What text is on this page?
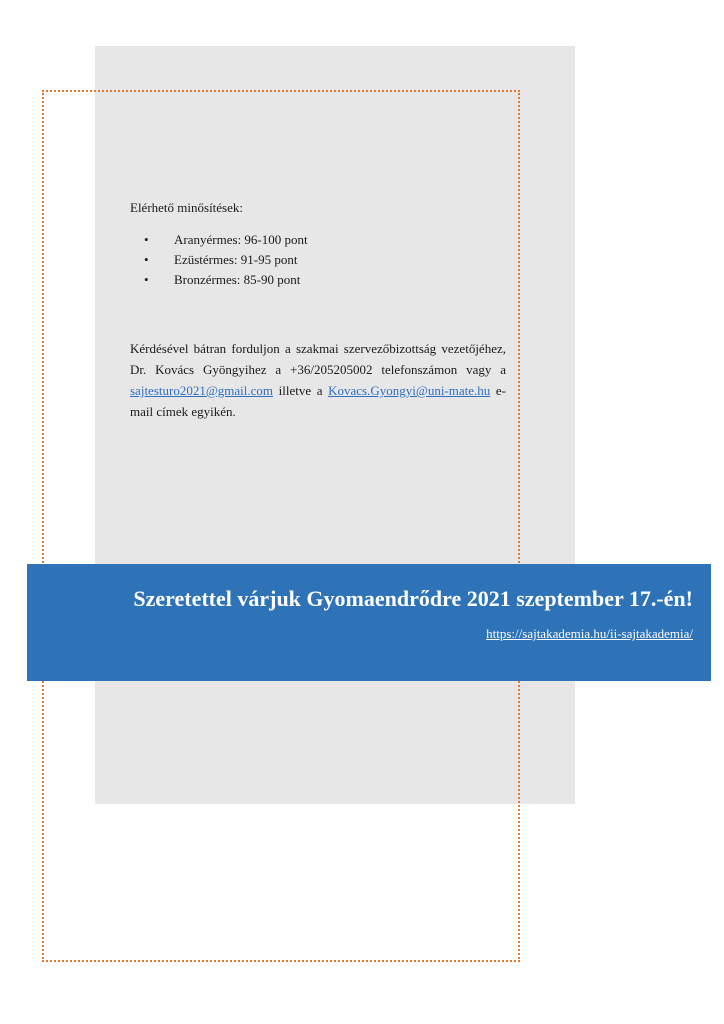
Elérhető minősítések:

• Aranyérmes: 96-100 pont
• Ezüstérmes: 91-95 pont
• Bronzérmes: 85-90 pont

Kérdésével bátran forduljon a szakmai szervezőbizottság vezetőjéhez, Dr. Kovács Gyöngyihez a +36/205205002 telefonszámon vagy a sajtesturo2021@gmail.com illetve a Kovacs.Gyongyi@uni-mate.hu e-mail címek egyikén.

Szeretettel várjuk Gyomaendrődre 2021 szeptember 17.-én!
https://sajtakademia.hu/ii-sajtakademia/
